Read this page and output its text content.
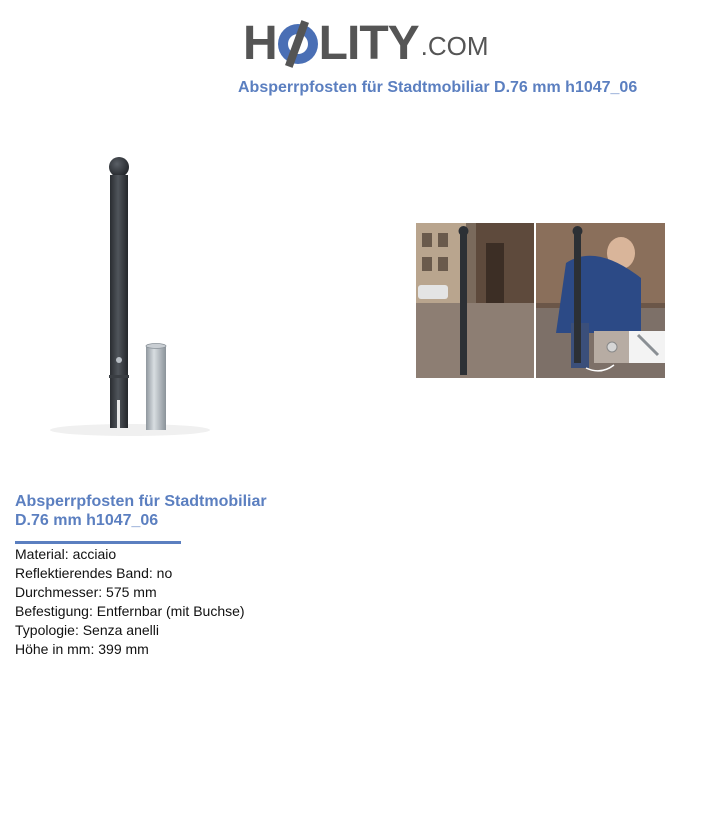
H LITY .COM
Absperrpfosten für Stadtmobiliar D.76 mm h1047_06
Absperrpfosten für Stadtmobiliar
D.76 mm h1047_06
Material: acciaio
Reflektierendes Band: no
Durchmesser: 575 mm
Befestigung: Entfernbar (mit Buchse)
Typologie: Senza anelli
Höhe in mm: 399 mm
